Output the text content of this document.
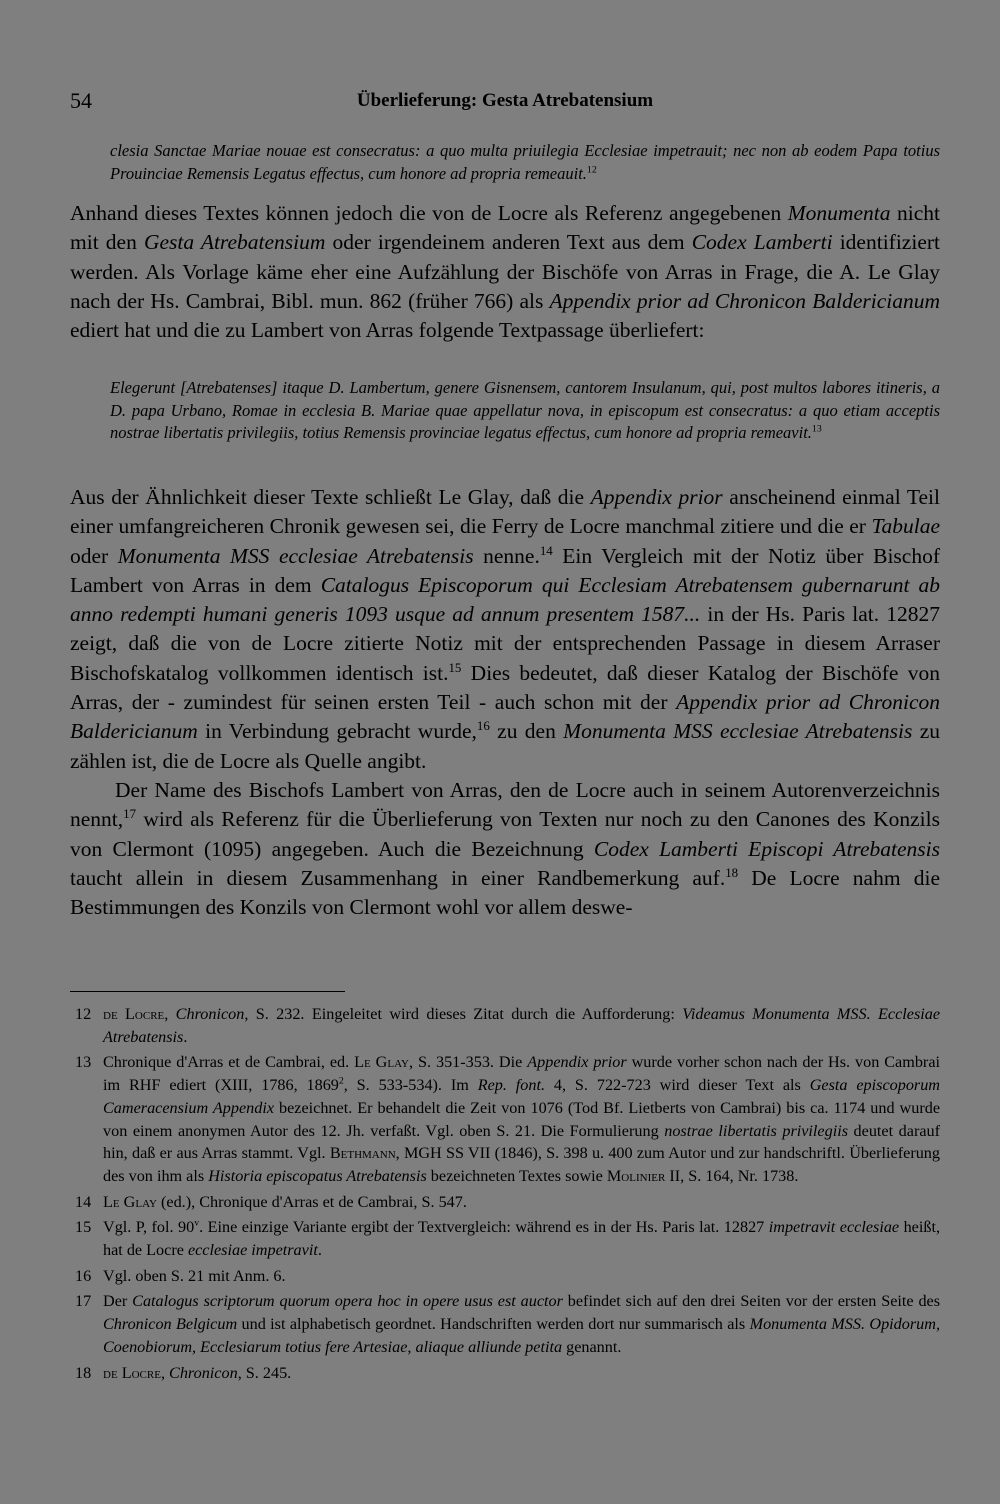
54	Überlieferung: Gesta Atrebatensium
clesia Sanctae Mariae nouae est consecratus: a quo multa priuilegia Ecclesiae impetrauit; nec non ab eodem Papa totius Prouinciae Remensis Legatus effectus, cum honore ad propria remeauit.$^{12}$

Anhand dieses Textes können jedoch die von de Locre als Referenz angegebenen Monumenta nicht mit den Gesta Atrebatensium oder irgendeinem anderen Text aus dem Codex Lamberti identifiziert werden. Als Vorlage käme eher eine Aufzählung der Bischöfe von Arras in Frage, die A. Le Glay nach der Hs. Cambrai, Bibl. mun. 862 (früher 766) als Appendix prior ad Chronicon Baldericianum ediert hat und die zu Lambert von Arras folgende Textpassage überliefert:

Elegerunt [Atrebatenses] itaque D. Lambertum, genere Gisnensem, cantorem Insulanum, qui, post multos labores itineris, a D. papa Urbano, Romae in ecclesia B. Mariae quae appellatur nova, in episcopum est consecratus: a quo etiam acceptis nostrae libertatis privilegiis, totius Remensis provinciae legatus effectus, cum honore ad propria remeavit.$^{13}$

Aus der Ähnlichkeit dieser Texte schließt Le Glay, daß die Appendix prior anscheinend einmal Teil einer umfangreicheren Chronik gewesen sei, die Ferry de Locre manchmal zitiere und die er Tabulae oder Monumenta MSS ecclesiae Atrebatensis nenne.$^{14}$ Ein Vergleich mit der Notiz über Bischof Lambert von Arras in dem Catalogus Episcoporum qui Ecclesiam Atrebatensem gubernarunt ab anno redempti humani generis 1093 usque ad annum presentem 1587... in der Hs. Paris lat. 12827 zeigt, daß die von de Locre zitierte Notiz mit der entsprechenden Passage in diesem Arraser Bischofskatalog vollkommen identisch ist.$^{15}$ Dies bedeutet, daß dieser Katalog der Bischöfe von Arras, der - zumindest für seinen ersten Teil - auch schon mit der Appendix prior ad Chronicon Baldericianum in Verbindung gebracht wurde,$^{16}$ zu den Monumenta MSS ecclesiae Atrebatensis zu zählen ist, die de Locre als Quelle angibt.

Der Name des Bischofs Lambert von Arras, den de Locre auch in seinem Autorenverzeichnis nennt,$^{17}$ wird als Referenz für die Überlieferung von Texten nur noch zu den Canones des Konzils von Clermont (1095) angegeben. Auch die Bezeichnung Codex Lamberti Episcopi Atrebatensis taucht allein in diesem Zusammenhang in einer Randbemerkung auf.$^{18}$ De Locre nahm die Bestimmungen des Konzils von Clermont wohl vor allem deswe-

12 de Locre, Chronicon, S. 232. Eingeleitet wird dieses Zitat durch die Aufforderung: Videamus Monumenta MSS. Ecclesiae Atrebatensis.
13 Chronique d'Arras et de Cambrai, ed. Le Glay, S. 351-353. Die Appendix prior wurde vorher schon nach der Hs. von Cambrai im RHF ediert (XIII, 1786, 1869$^2$, S. 533-534). Im Rep. font. 4, S. 722-723 wird dieser Text als Gesta episcoporum Cameracensium Appendix bezeichnet. Er behandelt die Zeit von 1076 (Tod Bf. Lietberts von Cambrai) bis ca. 1174 und wurde von einem anonymen Autor des 12. Jh. verfaßt. Vgl. oben S. 21. Die Formulierung nostrae libertatis privilegiis deutet darauf hin, daß er aus Arras stammt. Vgl. Bethmann, MGH SS VII (1846), S. 398 u. 400 zum Autor und zur handschriftl. Überlieferung des von ihm als Historia episcopatus Atrebatensis bezeichneten Textes sowie Molinier II, S. 164, Nr. 1738.
14 Le Glay (ed.), Chronique d'Arras et de Cambrai, S. 547.
15 Vgl. P, fol. 90$^v$. Eine einzige Variante ergibt der Textvergleich: während es in der Hs. Paris lat. 12827 impetravit ecclesiae heißt, hat de Locre ecclesiae impetravit.
16 Vgl. oben S. 21 mit Anm. 6.
17 Der Catalogus scriptorum quorum opera hoc in opere usus est auctor befindet sich auf den drei Seiten vor der ersten Seite des Chronicon Belgicum und ist alphabetisch geordnet. Handschriften werden dort nur summarisch als Monumenta MSS. Opidorum, Coenobiorum, Ecclesiarum totius fere Artesiae, aliaque alliunde petita genannt.
18 de Locre, Chronicon, S. 245.
